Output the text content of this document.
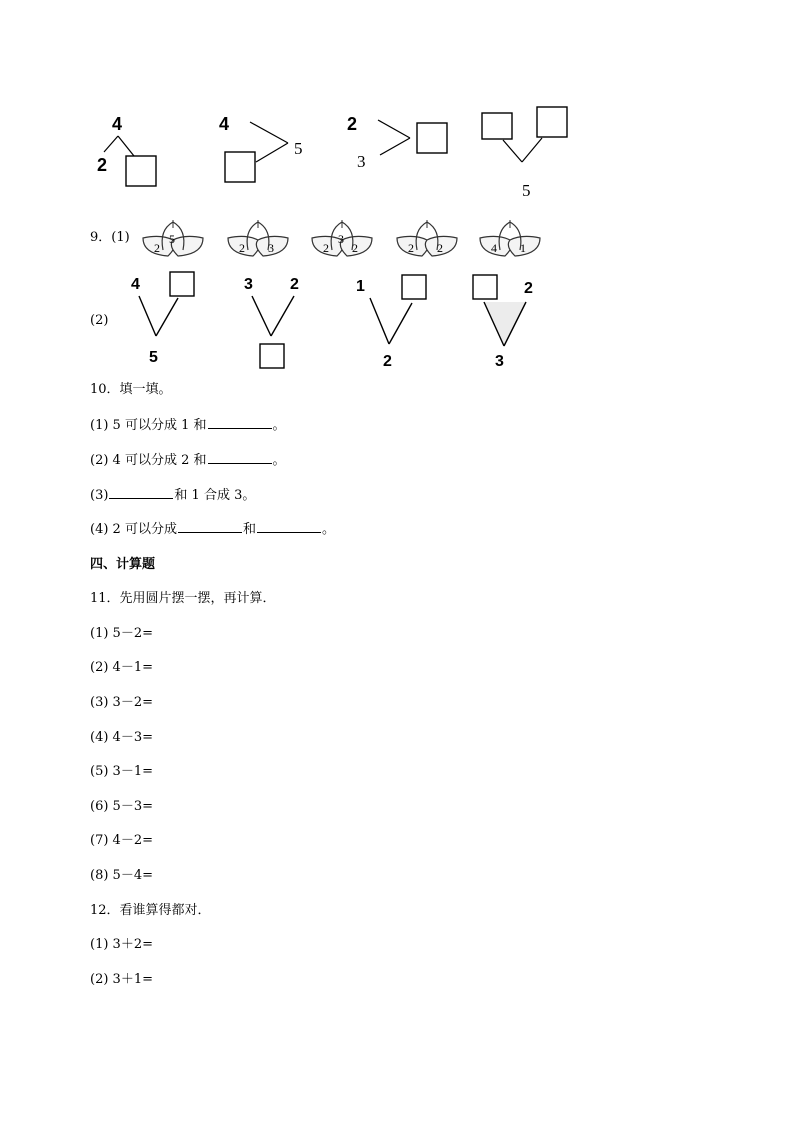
4
2
4
5
2
3
5
9．(1)
(2)
5
2	2 3
3
2 2	2 2	4 1
4
5
3 2	1
2
2
3
10．填一填。
(1) 5 可以分成 1 和	。
(2) 4 可以分成 2 和	。
(3)	和 1 合成 3。
(4) 2 可以分成	和	。
四、计算题
11．先用圆片摆一摆，再计算．
(1) 5－2=
(2) 4－1=
(3) 3－2=
(4) 4－3=
(5) 3－1=
(6) 5－3=
(7) 4－2=
(8) 5－4=
12．看谁算得都对．
(1) 3＋2=
(2) 3＋1=
